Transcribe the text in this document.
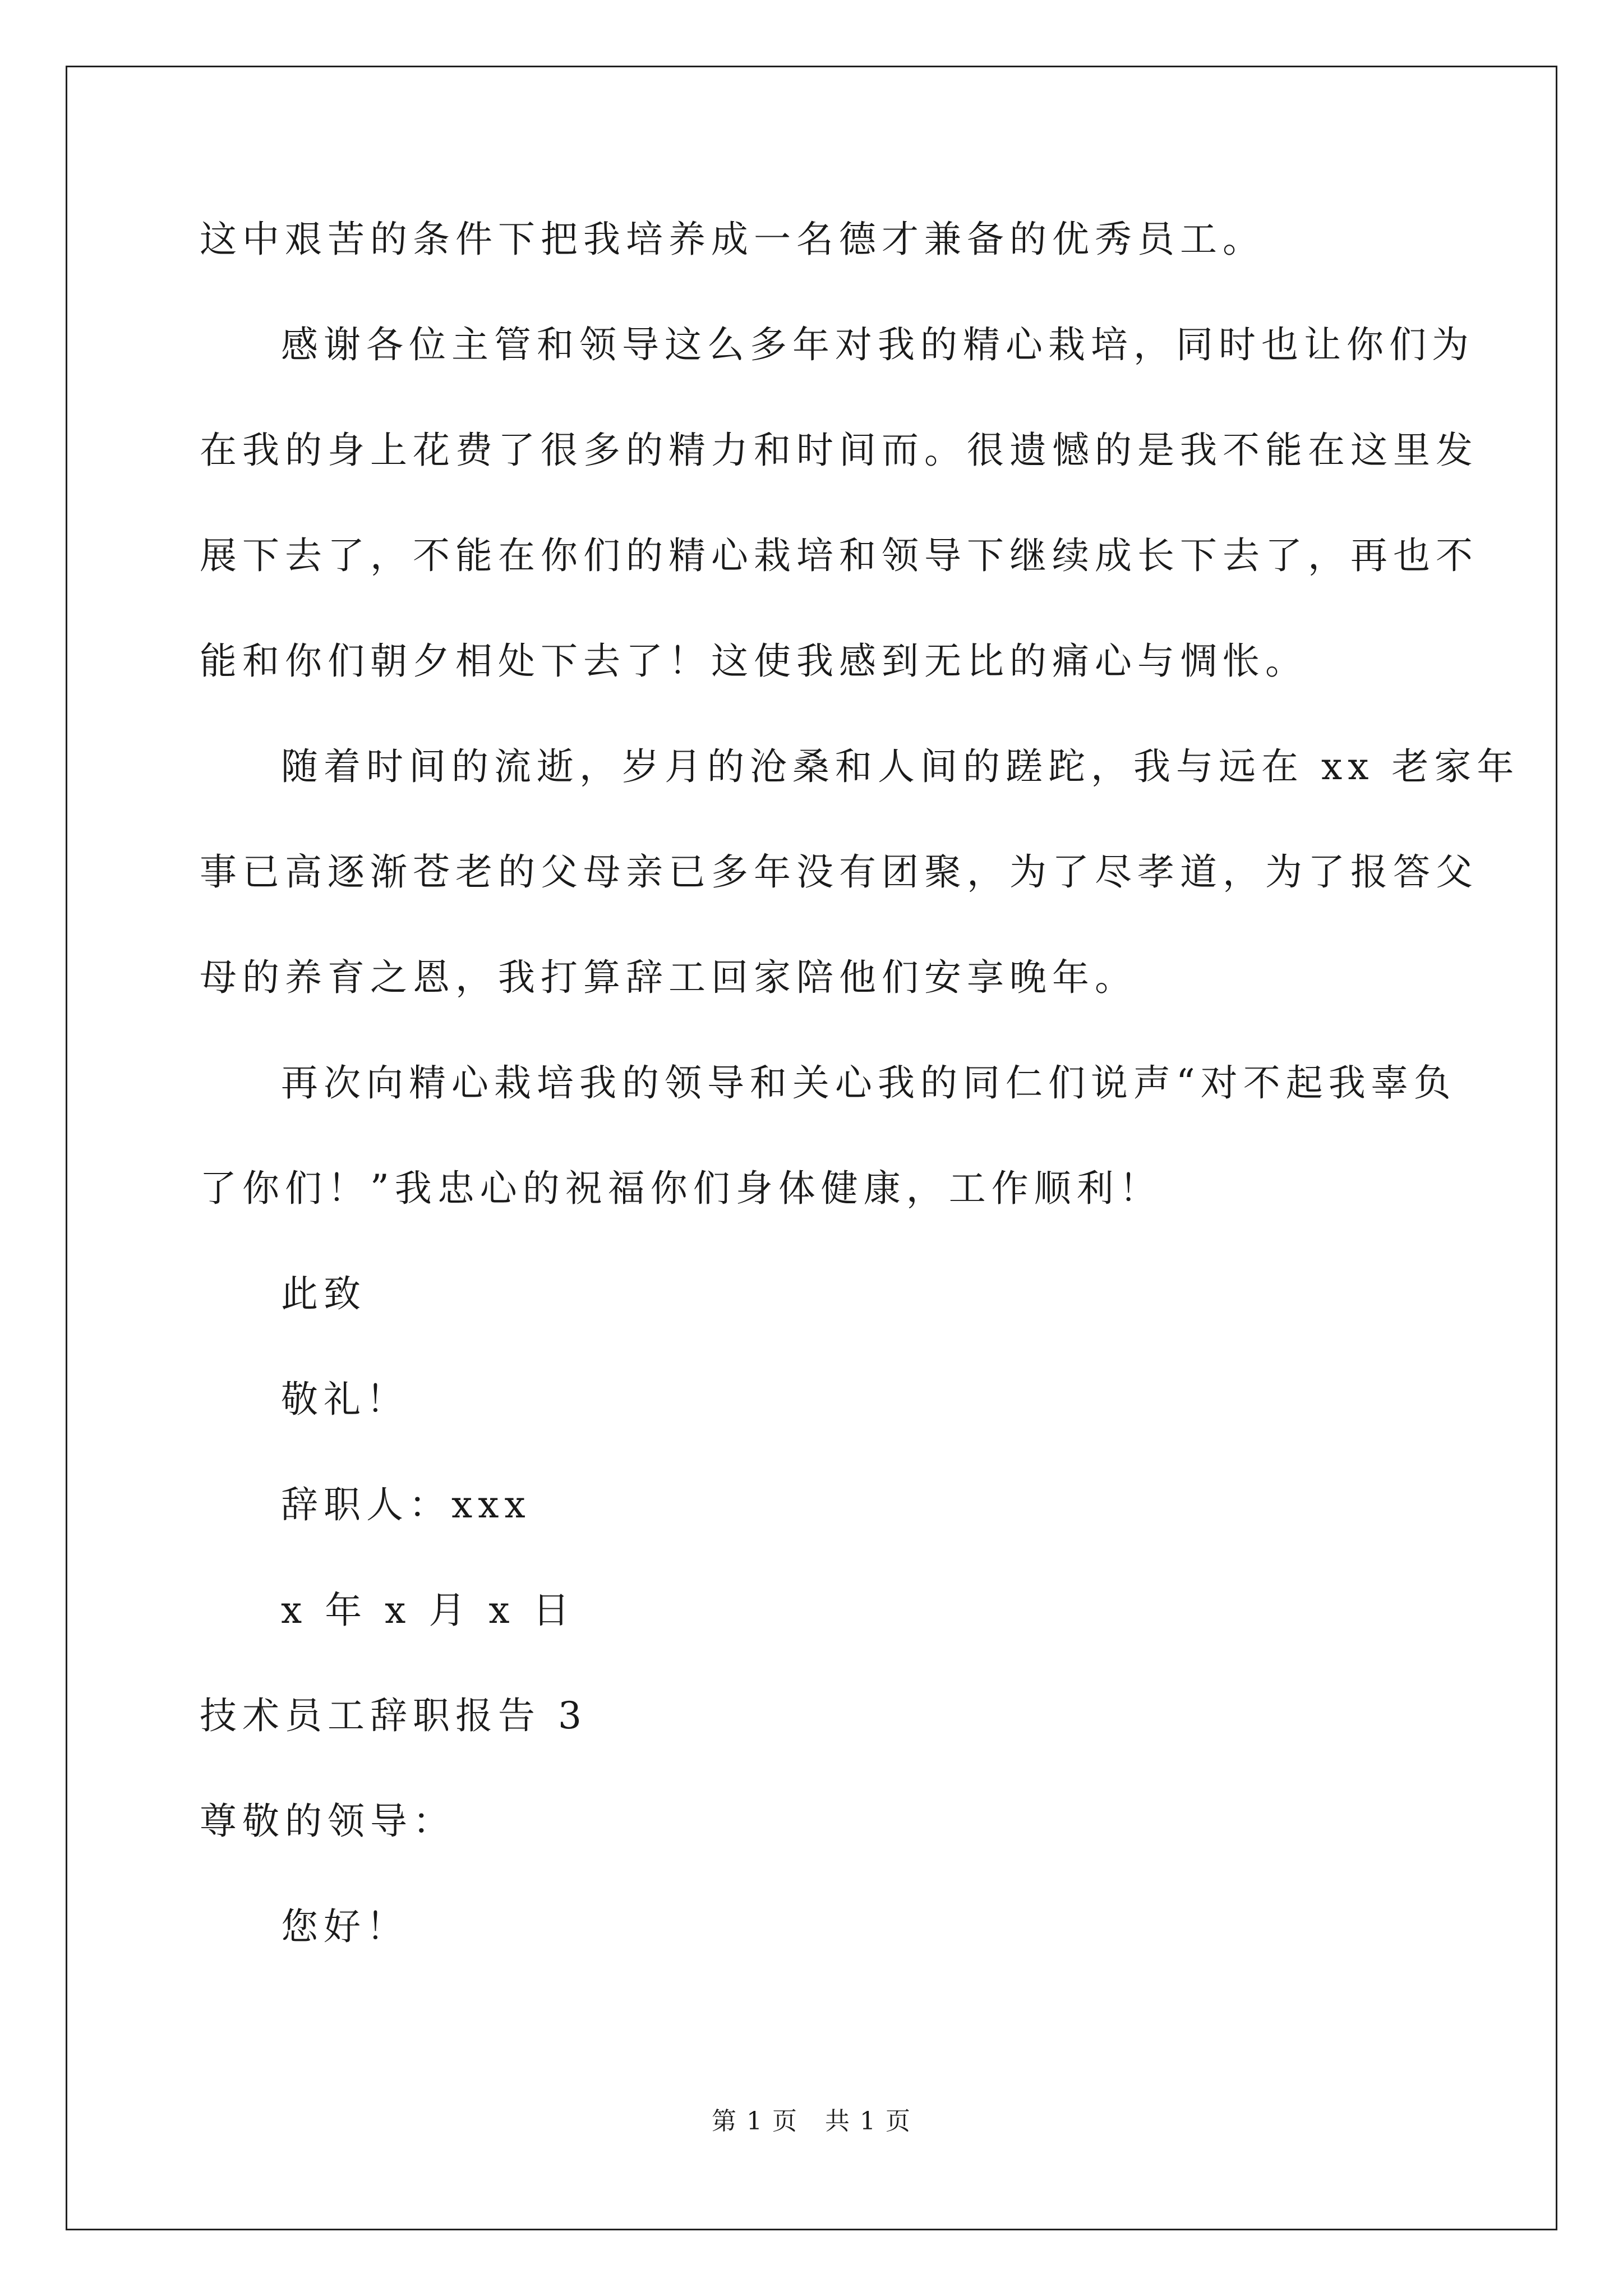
这中艰苦的条件下把我培养成一名德才兼备的优秀员工。
感谢各位主管和领导这么多年对我的精心栽培，同时也让你们为
在我的身上花费了很多的精力和时间而。很遗憾的是我不能在这里发
展下去了，不能在你们的精心栽培和领导下继续成长下去了，再也不
能和你们朝夕相处下去了！这使我感到无比的痛心与惆怅。
随着时间的流逝，岁月的沧桑和人间的蹉跎，我与远在 xx 老家年
事已高逐渐苍老的父母亲已多年没有团聚，为了尽孝道，为了报答父
母的养育之恩，我打算辞工回家陪他们安享晚年。
再次向精心栽培我的领导和关心我的同仁们说声“对不起我辜负
了你们！”我忠心的祝福你们身体健康，工作顺利！
此致
敬礼！
辞职人：xxx
x 年 x 月 x 日
技术员工辞职报告 3
尊敬的领导：
您好！
第 1 页 共 1 页
